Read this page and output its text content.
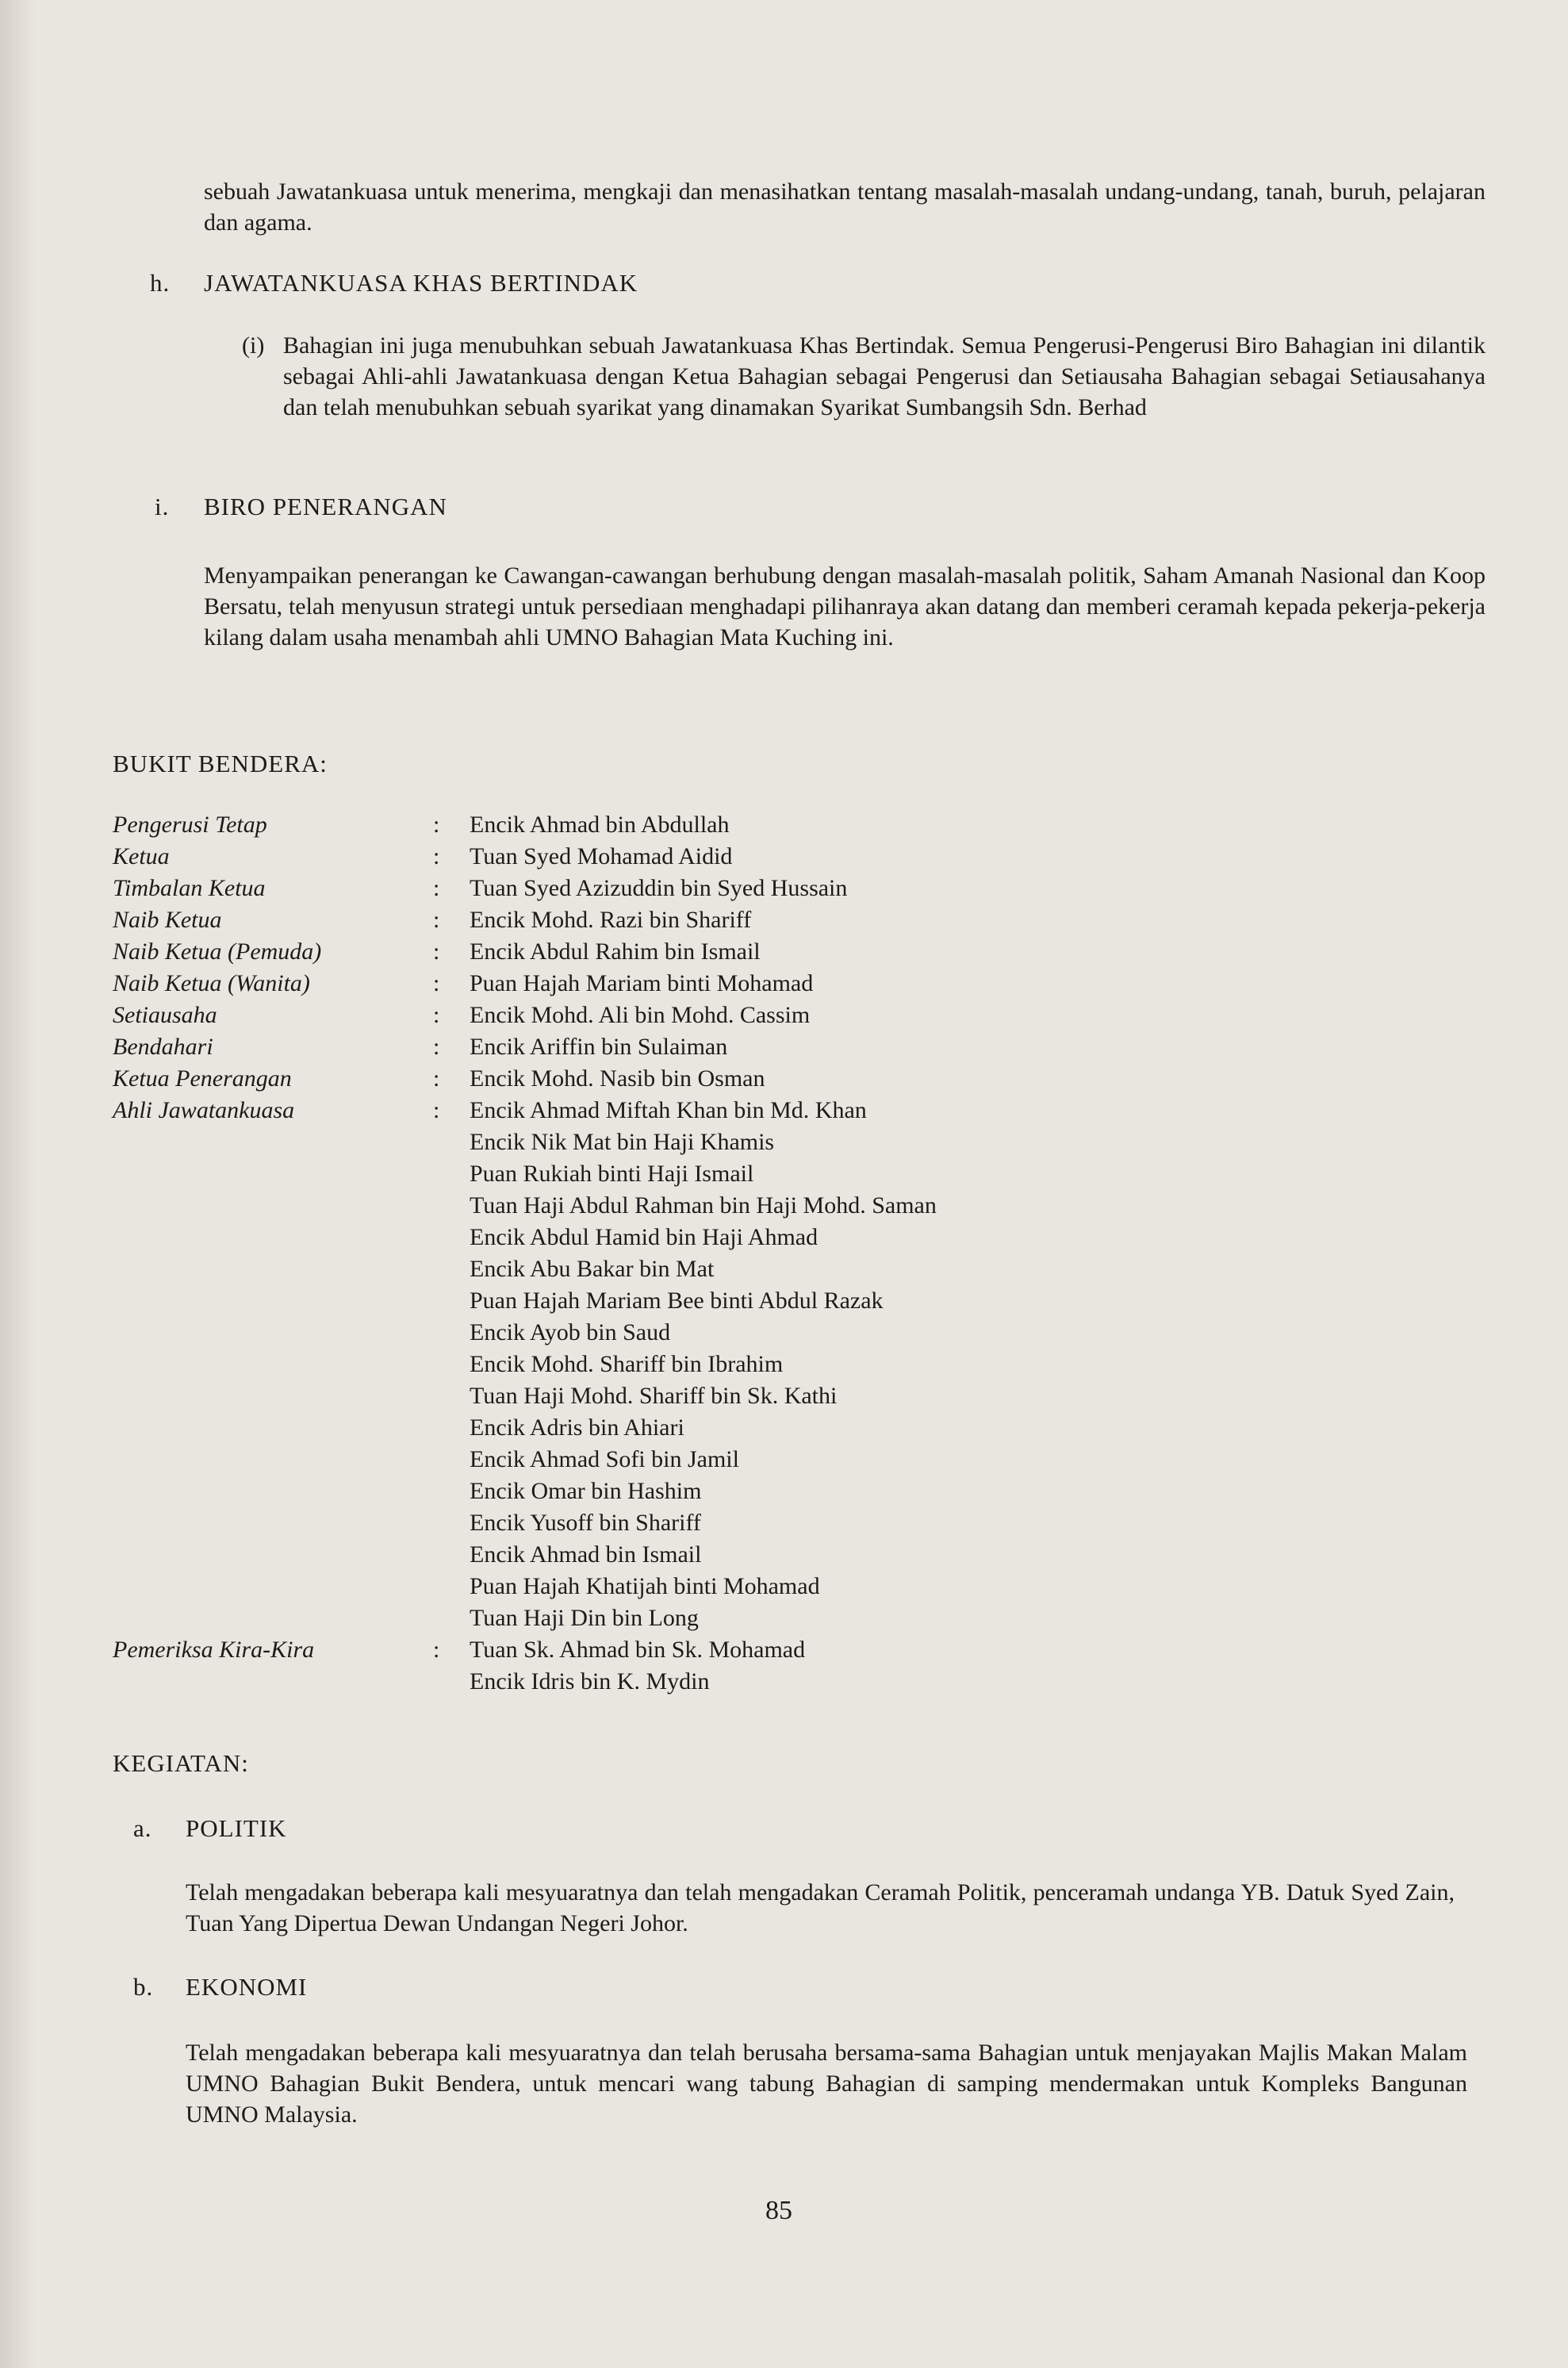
sebuah Jawatankuasa untuk menerima, mengkaji dan menasihatkan tentang masalah-masalah undang-undang, tanah, buruh, pelajaran dan agama.
h. JAWATANKUASA KHAS BERTINDAK
(i) Bahagian ini juga menubuhkan sebuah Jawatankuasa Khas Bertindak. Semua Pengerusi-Pengerusi Biro Bahagian ini dilantik sebagai Ahli-ahli Jawatankuasa dengan Ketua Bahagian sebagai Pengerusi dan Setiausaha Bahagian sebagai Setiausahanya dan telah menubuhkan sebuah syarikat yang dinamakan Syarikat Sumbangsih Sdn. Berhad
i. BIRO PENERANGAN
Menyampaikan penerangan ke Cawangan-cawangan berhubung dengan masalah-masalah politik, Saham Amanah Nasional dan Koop Bersatu, telah menyusun strategi untuk persediaan menghadapi pilihanraya akan datang dan memberi ceramah kepada pekerja-pekerja kilang dalam usaha menambah ahli UMNO Bahagian Mata Kuching ini.
BUKIT BENDERA:
Pengerusi Tetap	: Encik Ahmad bin Abdullah
Ketua	: Tuan Syed Mohamad Aidid
Timbalan Ketua	: Tuan Syed Azizuddin bin Syed Hussain
Naib Ketua	: Encik Mohd. Razi bin Shariff
Naib Ketua (Pemuda)	: Encik Abdul Rahim bin Ismail
Naib Ketua (Wanita)	: Puan Hajah Mariam binti Mohamad
Setiausaha	: Encik Mohd. Ali bin Mohd. Cassim
Bendahari	: Encik Ariffin bin Sulaiman
Ketua Penerangan	: Encik Mohd. Nasib bin Osman
Ahli Jawatankuasa	: Encik Ahmad Miftah Khan bin Md. Khan
Encik Nik Mat bin Haji Khamis
Puan Rukiah binti Haji Ismail
Tuan Haji Abdul Rahman bin Haji Mohd. Saman
Encik Abdul Hamid bin Haji Ahmad
Encik Abu Bakar bin Mat
Puan Hajah Mariam Bee binti Abdul Razak
Encik Ayob bin Saud
Encik Mohd. Shariff bin Ibrahim
Tuan Haji Mohd. Shariff bin Sk. Kathi
Encik Adris bin Ahiari
Encik Ahmad Sofi bin Jamil
Encik Omar bin Hashim
Encik Yusoff bin Shariff
Encik Ahmad bin Ismail
Puan Hajah Khatijah binti Mohamad
Tuan Haji Din bin Long
Pemeriksa Kira-Kira	: Tuan Sk. Ahmad bin Sk. Mohamad
Encik Idris bin K. Mydin
KEGIATAN:
a. POLITIK
Telah mengadakan beberapa kali mesyuaratnya dan telah mengadakan Ceramah Politik, penceramah undanga YB. Datuk Syed Zain, Tuan Yang Dipertua Dewan Undangan Negeri Johor.
b. EKONOMI
Telah mengadakan beberapa kali mesyuaratnya dan telah berusaha bersama-sama Bahagian untuk menjayakan Majlis Makan Malam UMNO Bahagian Bukit Bendera, untuk mencari wang tabung Bahagian di samping mendermakan untuk Kompleks Bangunan UMNO Malaysia.
85
